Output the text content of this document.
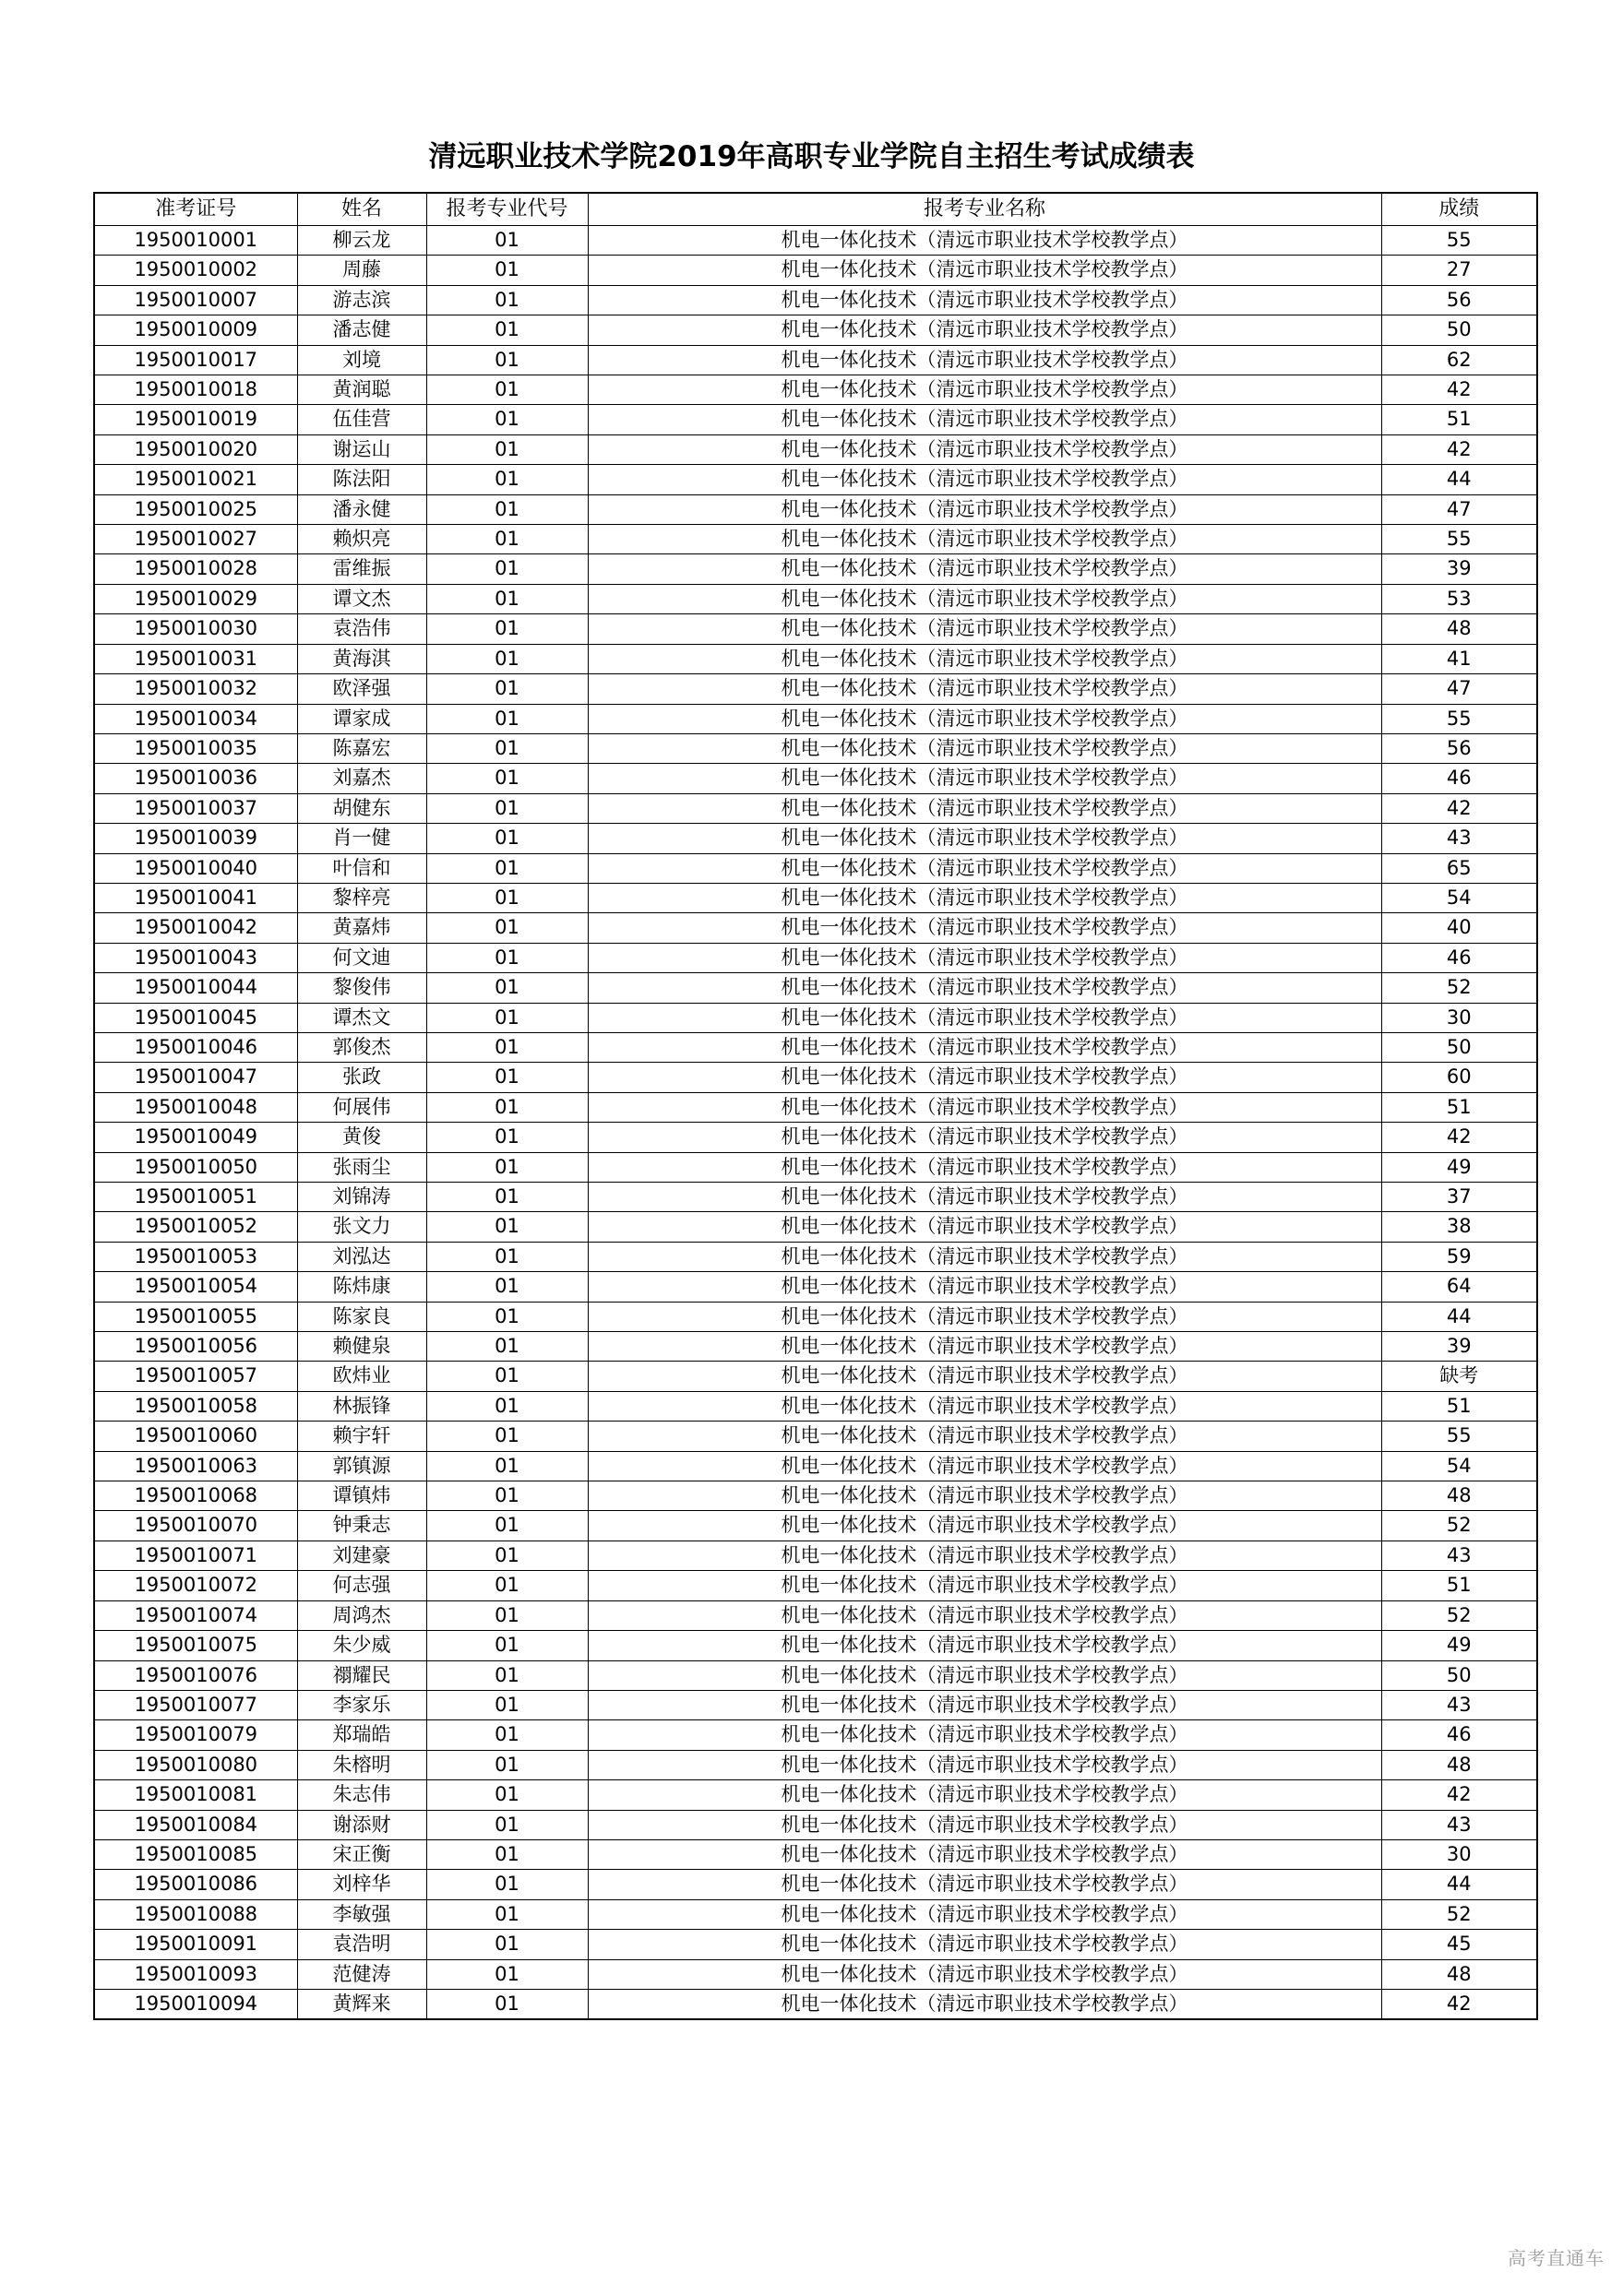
清远职业技术学院2019年高职专业学院自主招生考试成绩表
准考证号	姓名	报考专业代号	报考专业名称	成绩
1950010001	柳云龙	01	机电一体化技术（清远市职业技术学校教学点）	55
1950010002	周藤	01	机电一体化技术（清远市职业技术学校教学点）	27
1950010007	游志滨	01	机电一体化技术（清远市职业技术学校教学点）	56
1950010009	潘志健	01	机电一体化技术（清远市职业技术学校教学点）	50
1950010017	刘境	01	机电一体化技术（清远市职业技术学校教学点）	62
1950010018	黄润聪	01	机电一体化技术（清远市职业技术学校教学点）	42
1950010019	伍佳营	01	机电一体化技术（清远市职业技术学校教学点）	51
1950010020	谢运山	01	机电一体化技术（清远市职业技术学校教学点）	42
1950010021	陈法阳	01	机电一体化技术（清远市职业技术学校教学点）	44
1950010025	潘永健	01	机电一体化技术（清远市职业技术学校教学点）	47
1950010027	赖炽亮	01	机电一体化技术（清远市职业技术学校教学点）	55
1950010028	雷维振	01	机电一体化技术（清远市职业技术学校教学点）	39
1950010029	谭文杰	01	机电一体化技术（清远市职业技术学校教学点）	53
1950010030	袁浩伟	01	机电一体化技术（清远市职业技术学校教学点）	48
1950010031	黄海淇	01	机电一体化技术（清远市职业技术学校教学点）	41
1950010032	欧泽强	01	机电一体化技术（清远市职业技术学校教学点）	47
1950010034	谭家成	01	机电一体化技术（清远市职业技术学校教学点）	55
1950010035	陈嘉宏	01	机电一体化技术（清远市职业技术学校教学点）	56
1950010036	刘嘉杰	01	机电一体化技术（清远市职业技术学校教学点）	46
1950010037	胡健东	01	机电一体化技术（清远市职业技术学校教学点）	42
1950010039	肖一健	01	机电一体化技术（清远市职业技术学校教学点）	43
1950010040	叶信和	01	机电一体化技术（清远市职业技术学校教学点）	65
1950010041	黎梓亮	01	机电一体化技术（清远市职业技术学校教学点）	54
1950010042	黄嘉炜	01	机电一体化技术（清远市职业技术学校教学点）	40
1950010043	何文迪	01	机电一体化技术（清远市职业技术学校教学点）	46
1950010044	黎俊伟	01	机电一体化技术（清远市职业技术学校教学点）	52
1950010045	谭杰文	01	机电一体化技术（清远市职业技术学校教学点）	30
1950010046	郭俊杰	01	机电一体化技术（清远市职业技术学校教学点）	50
1950010047	张政	01	机电一体化技术（清远市职业技术学校教学点）	60
1950010048	何展伟	01	机电一体化技术（清远市职业技术学校教学点）	51
1950010049	黄俊	01	机电一体化技术（清远市职业技术学校教学点）	42
1950010050	张雨尘	01	机电一体化技术（清远市职业技术学校教学点）	49
1950010051	刘锦涛	01	机电一体化技术（清远市职业技术学校教学点）	37
1950010052	张文力	01	机电一体化技术（清远市职业技术学校教学点）	38
1950010053	刘泓达	01	机电一体化技术（清远市职业技术学校教学点）	59
1950010054	陈炜康	01	机电一体化技术（清远市职业技术学校教学点）	64
1950010055	陈家良	01	机电一体化技术（清远市职业技术学校教学点）	44
1950010056	赖健泉	01	机电一体化技术（清远市职业技术学校教学点）	39
1950010057	欧炜业	01	机电一体化技术（清远市职业技术学校教学点）	缺考
1950010058	林振锋	01	机电一体化技术（清远市职业技术学校教学点）	51
1950010060	赖宇轩	01	机电一体化技术（清远市职业技术学校教学点）	55
1950010063	郭镇源	01	机电一体化技术（清远市职业技术学校教学点）	54
1950010068	谭镇炜	01	机电一体化技术（清远市职业技术学校教学点）	48
1950010070	钟秉志	01	机电一体化技术（清远市职业技术学校教学点）	52
1950010071	刘建豪	01	机电一体化技术（清远市职业技术学校教学点）	43
1950010072	何志强	01	机电一体化技术（清远市职业技术学校教学点）	51
1950010074	周鸿杰	01	机电一体化技术（清远市职业技术学校教学点）	52
1950010075	朱少威	01	机电一体化技术（清远市职业技术学校教学点）	49
1950010076	禤耀民	01	机电一体化技术（清远市职业技术学校教学点）	50
1950010077	李家乐	01	机电一体化技术（清远市职业技术学校教学点）	43
1950010079	郑瑞皓	01	机电一体化技术（清远市职业技术学校教学点）	46
1950010080	朱榕明	01	机电一体化技术（清远市职业技术学校教学点）	48
1950010081	朱志伟	01	机电一体化技术（清远市职业技术学校教学点）	42
1950010084	谢添财	01	机电一体化技术（清远市职业技术学校教学点）	43
1950010085	宋正衡	01	机电一体化技术（清远市职业技术学校教学点）	30
1950010086	刘梓华	01	机电一体化技术（清远市职业技术学校教学点）	44
1950010088	李敏强	01	机电一体化技术（清远市职业技术学校教学点）	52
1950010091	袁浩明	01	机电一体化技术（清远市职业技术学校教学点）	45
1950010093	范健涛	01	机电一体化技术（清远市职业技术学校教学点）	48
1950010094	黄辉来	01	机电一体化技术（清远市职业技术学校教学点）	42
高考直通车
